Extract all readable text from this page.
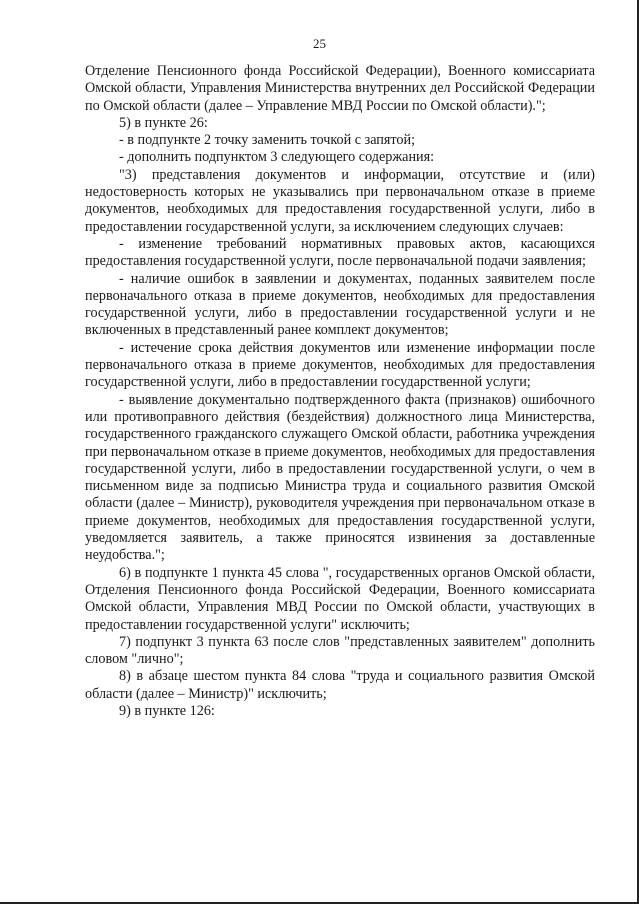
25

Отделение Пенсионного фонда Российской Федерации), Военного комиссариата Омской области, Управления Министерства внутренних дел Российской Федерации по Омской области (далее – Управление МВД России по Омской области).";

5) в пункте 26:

- в подпункте 2 точку заменить точкой с запятой;

- дополнить подпунктом 3 следующего содержания:

"3) представления документов и информации, отсутствие и (или) недостоверность которых не указывались при первоначальном отказе в приеме документов, необходимых для предоставления государственной услуги, либо в предоставлении государственной услуги, за исключением следующих случаев:

- изменение требований нормативных правовых актов, касающихся предоставления государственной услуги, после первоначальной подачи заявления;

- наличие ошибок в заявлении и документах, поданных заявителем после первоначального отказа в приеме документов, необходимых для предоставления государственной услуги, либо в предоставлении государственной услуги и не включенных в представленный ранее комплект документов;

- истечение срока действия документов или изменение информации после первоначального отказа в приеме документов, необходимых для предоставления государственной услуги, либо в предоставлении государственной услуги;

- выявление документально подтвержденного факта (признаков) ошибочного или противоправного действия (бездействия) должностного лица Министерства, государственного гражданского служащего Омской области, работника учреждения при первоначальном отказе в приеме документов, необходимых для предоставления государственной услуги, либо в предоставлении государственной услуги, о чем в письменном виде за подписью Министра труда и социального развития Омской области (далее – Министр), руководителя учреждения при первоначальном отказе в приеме документов, необходимых для предоставления государственной услуги, уведомляется заявитель, а также приносятся извинения за доставленные неудобства.";

6) в подпункте 1 пункта 45 слова ", государственных органов Омской области, Отделения Пенсионного фонда Российской Федерации, Военного комиссариата Омской области, Управления МВД России по Омской области, участвующих в предоставлении государственной услуги" исключить;

7) подпункт 3 пункта 63 после слов "представленных заявителем" дополнить словом "лично";

8) в абзаце шестом пункта 84 слова "труда и социального развития Омской области (далее – Министр)" исключить;

9) в пункте 126:
